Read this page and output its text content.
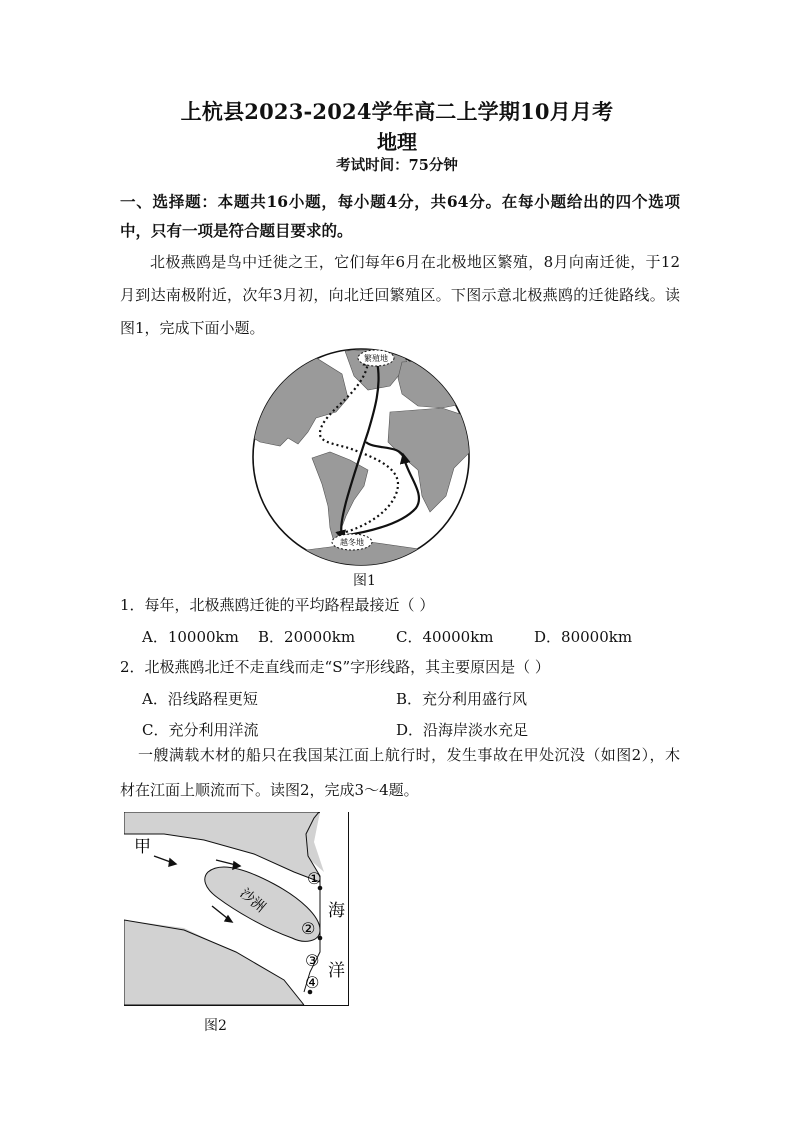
上杭县2023-2024学年高二上学期10月月考
地理
考试时间：75分钟
一、选择题：本题共16小题，每小题4分，共64分。在每小题给出的四个选项中，只有一项是符合题目要求的。
北极燕鸥是鸟中迁徙之王，它们每年6月在北极地区繁殖，8月向南迁徙，于12月到达南极附近，次年3月初，向北迁回繁殖区。下图示意北极燕鸥的迁徙路线。读图1，完成下面小题。
繁殖地
越冬地
图1
1．每年，北极燕鸥迁徙的平均路程最接近（ ）
A．10000km B．20000km	C．40000km	D．80000km
2．北极燕鸥北迁不走直线而走“S”字形线路，其主要原因是（ ）
A．沿线路程更短	B．充分利用盛行风
C．充分利用洋流	D．沿海岸淡水充足
一艘满载木材的船只在我国某江面上航行时，发生事故在甲处沉没（如图2），木材在江面上顺流而下。读图2，完成3～4题。
甲
沙洲	海
洋
①
②
③
④
图2
